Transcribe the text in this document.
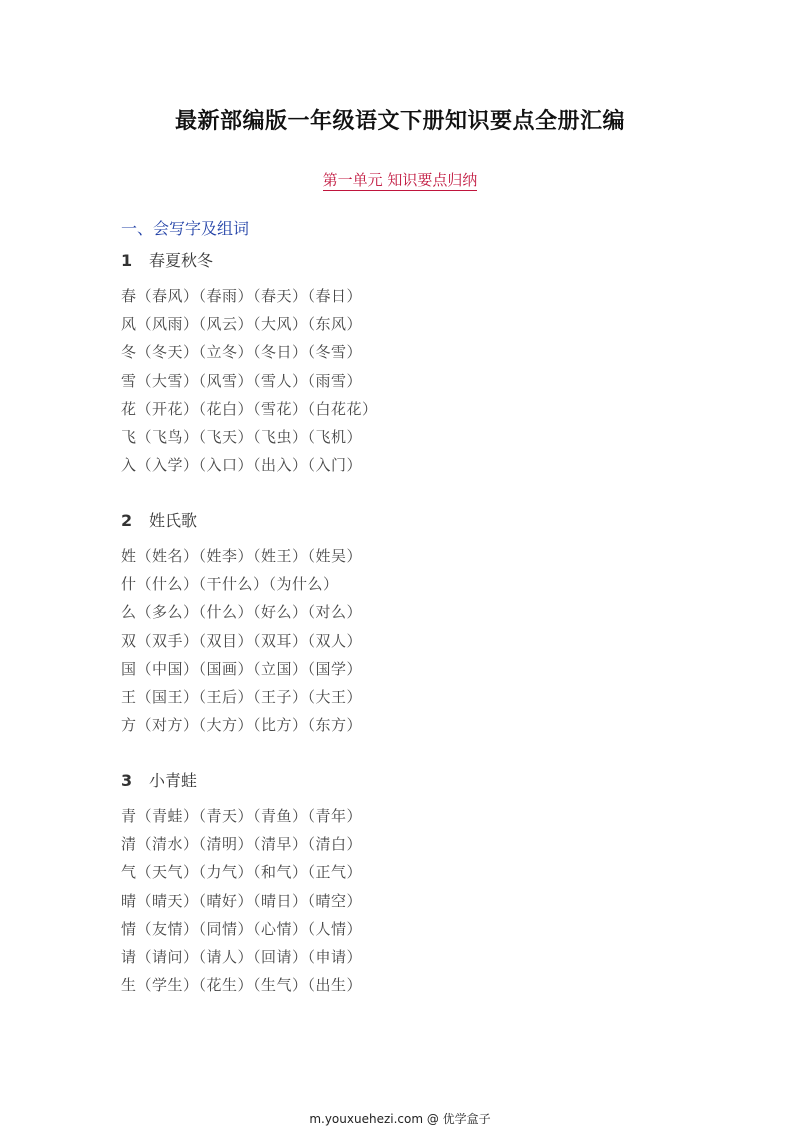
最新部编版一年级语文下册知识要点全册汇编
第一单元 知识要点归纳
一、会写字及组词
1 春夏秋冬
春（春风）（春雨）（春天）（春日）
风（风雨）（风云）（大风）（东风）
冬（冬天）（立冬）（冬日）（冬雪）
雪（大雪）（风雪）（雪人）（雨雪）
花（开花）（花白）（雪花）（白花花）
飞（飞鸟）（飞天）（飞虫）（飞机）
入（入学）（入口）（出入）（入门）
2 姓氏歌
姓（姓名）（姓李）（姓王）（姓吴）
什（什么）（干什么）（为什么）
么（多么）（什么）（好么）（对么）
双（双手）（双目）（双耳）（双人）
国（中国）（国画）（立国）（国学）
王（国王）（王后）（王子）（大王）
方（对方）（大方）（比方）（东方）
3 小青蛙
青（青蛙）（青天）（青鱼）（青年）
清（清水）（清明）（清早）（清白）
气（天气）（力气）（和气）（正气）
晴（晴天）（晴好）（晴日）（晴空）
情（友情）（同情）（心情）（人情）
请（请问）（请人）（回请）（申请）
生（学生）（花生）（生气）（出生）
m.youxuehezi.com @ 优学盒子
